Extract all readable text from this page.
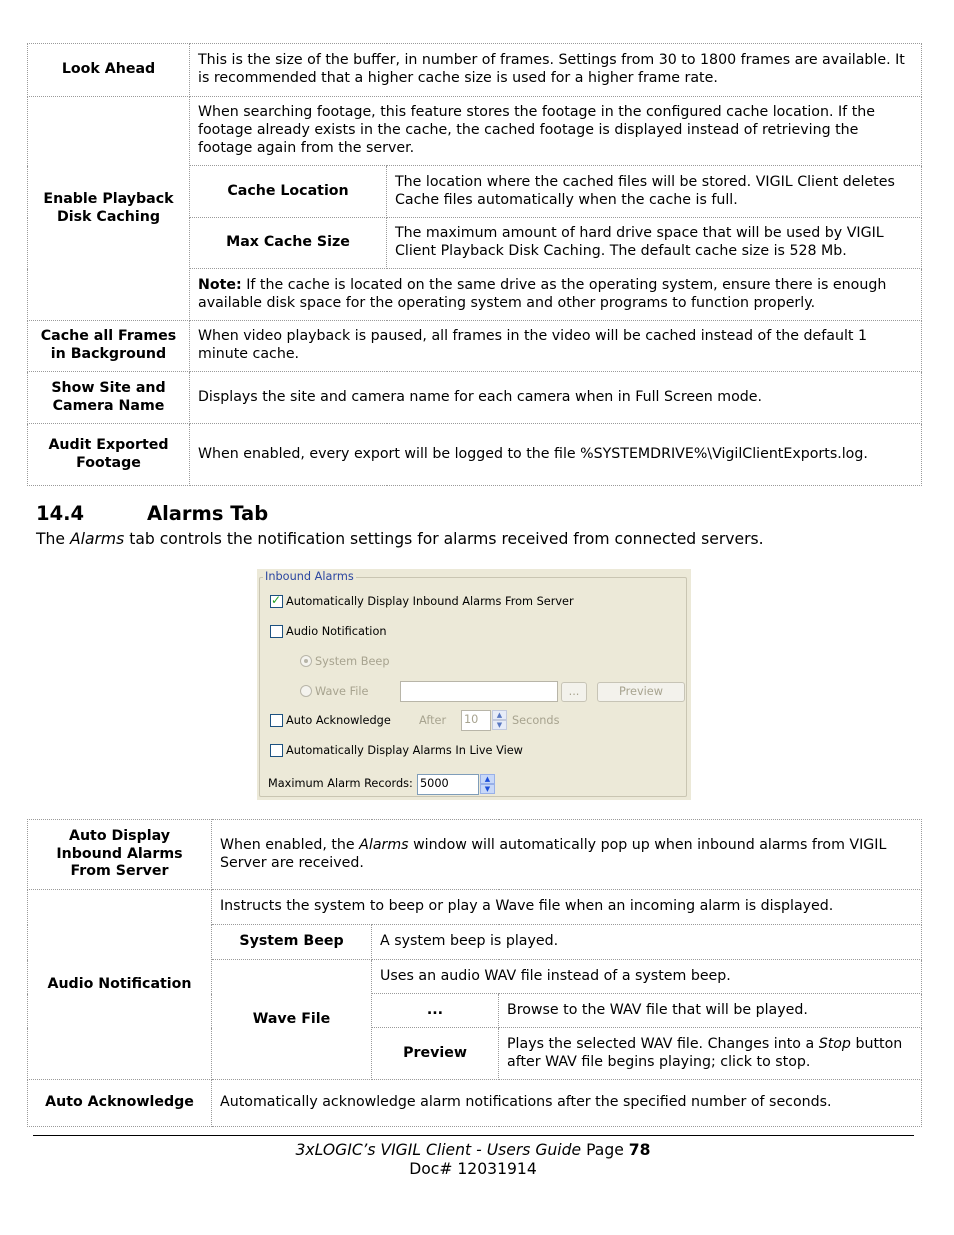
Look Ahead	This is the size of the buffer, in number of frames. Settings from 30 to 1800 frames are available. It is recommended that a higher cache size is used for a higher frame rate.	
Enable Playback Disk Caching	When searching footage, this feature stores the footage in the configured cache location. If the footage already exists in the cache, the cached footage is displayed instead of retrieving the footage again from the server.	
	Cache Location	The location where the cached files will be stored. VIGIL Client deletes Cache files automatically when the cache is full.
	Max Cache Size	The maximum amount of hard drive space that will be used by VIGIL Client Playback Disk Caching. The default cache size is 528 Mb.
	Note: If the cache is located on the same drive as the operating system, ensure there is enough available disk space for the operating system and other programs to function properly.	
Cache all Frames in Background	When video playback is paused, all frames in the video will be cached instead of the default 1 minute cache.	
Show Site and Camera Name	Displays the site and camera name for each camera when in Full Screen mode.	
Audit Exported Footage	When enabled, every export will be logged to the file %SYSTEMDRIVE%\VigilClientExports.log.	
14.4	Alarms Tab
The Alarms tab controls the notification settings for alarms received from connected servers.
Inbound Alarms
✓
Automatically Display Inbound Alarms From Server
Audio Notification
System Beep
Wave File	...	Preview
Auto Acknowledge After 10	▲
▼ Seconds
Automatically Display Alarms In Live View
Maximum Alarm Records: 5000	▲
▼
Auto Display Inbound Alarms From Server	When enabled, the Alarms window will automatically pop up when inbound alarms from VIGIL Server are received.		
Audio Notification	Instructs the system to beep or play a Wave file when an incoming alarm is displayed.		
	System Beep	A system beep is played.	
	Wave File	Uses an audio WAV file instead of a system beep.	
		...	Browse to the WAV file that will be played.
		Preview	Plays the selected WAV file. Changes into a Stop button after WAV file begins playing; click to stop.
Auto Acknowledge	Automatically acknowledge alarm notifications after the specified number of seconds.		
3xLOGIC’s VIGIL Client - Users Guide Page 78
Doc# 12031914
